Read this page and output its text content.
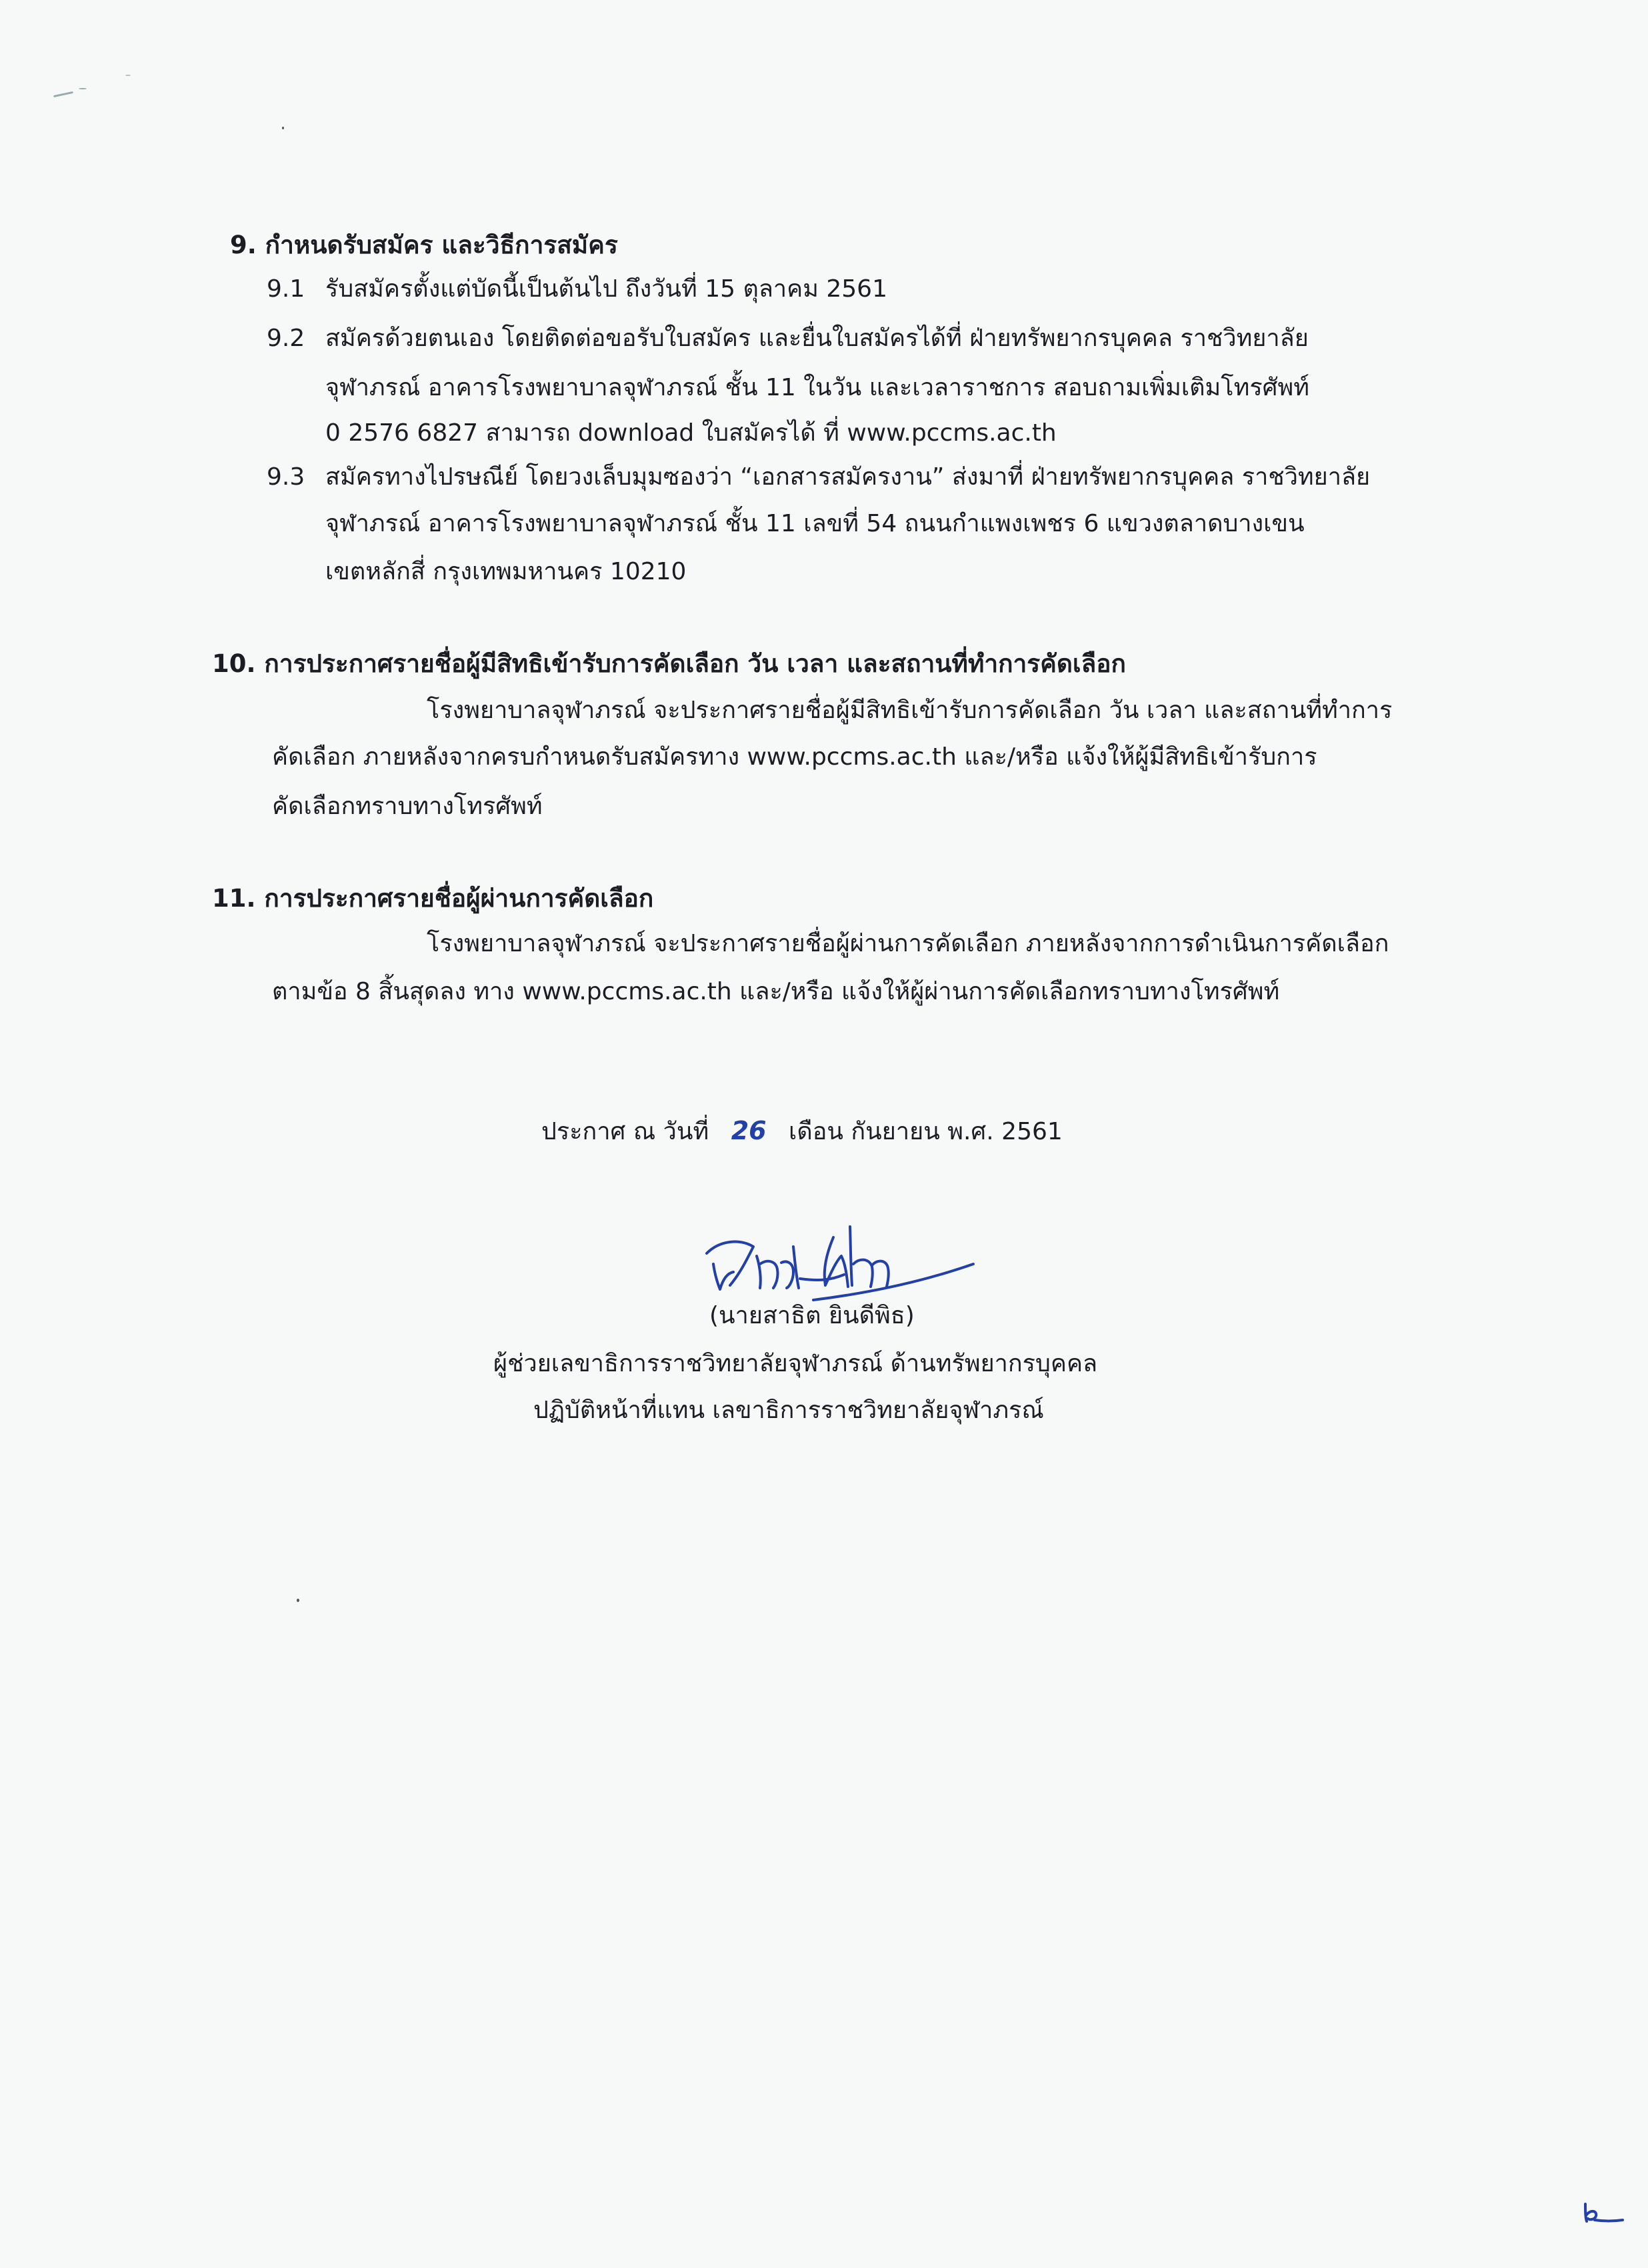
9. กำหนดรับสมัคร และวิธีการสมัคร
9.1 รับสมัครตั้งแต่บัดนี้เป็นต้นไป ถึงวันที่ 15 ตุลาคม 2561
9.2 สมัครด้วยตนเอง โดยติดต่อขอรับใบสมัคร และยื่นใบสมัครได้ที่ ฝ่ายทรัพยากรบุคคล ราชวิทยาลัย
จุฬาภรณ์ อาคารโรงพยาบาลจุฬาภรณ์ ชั้น 11 ในวัน และเวลาราชการ สอบถามเพิ่มเติมโทรศัพท์
0 2576 6827 สามารถ download ใบสมัครได้ ที่ www.pccms.ac.th
9.3 สมัครทางไปรษณีย์ โดยวงเล็บมุมซองว่า “เอกสารสมัครงาน” ส่งมาที่ ฝ่ายทรัพยากรบุคคล ราชวิทยาลัย
จุฬาภรณ์ อาคารโรงพยาบาลจุฬาภรณ์ ชั้น 11 เลขที่ 54 ถนนกำแพงเพชร 6 แขวงตลาดบางเขน
เขตหลักสี่ กรุงเทพมหานคร 10210
10. การประกาศรายชื่อผู้มีสิทธิเข้ารับการคัดเลือก วัน เวลา และสถานที่ทำการคัดเลือก
โรงพยาบาลจุฬาภรณ์ จะประกาศรายชื่อผู้มีสิทธิเข้ารับการคัดเลือก วัน เวลา และสถานที่ทำการ
คัดเลือก ภายหลังจากครบกำหนดรับสมัครทาง www.pccms.ac.th และ/หรือ แจ้งให้ผู้มีสิทธิเข้ารับการ
คัดเลือกทราบทางโทรศัพท์
11. การประกาศรายชื่อผู้ผ่านการคัดเลือก
โรงพยาบาลจุฬาภรณ์ จะประกาศรายชื่อผู้ผ่านการคัดเลือก ภายหลังจากการดำเนินการคัดเลือก
ตามข้อ 8 สิ้นสุดลง ทาง www.pccms.ac.th และ/หรือ แจ้งให้ผู้ผ่านการคัดเลือกทราบทางโทรศัพท์
ประกาศ ณ วันที่ 26 เดือน กันยายน พ.ศ. 2561
(นายสาธิต ยินดีพิธ)
ผู้ช่วยเลขาธิการราชวิทยาลัยจุฬาภรณ์ ด้านทรัพยากรบุคคล
ปฏิบัติหน้าที่แทน เลขาธิการราชวิทยาลัยจุฬาภรณ์
